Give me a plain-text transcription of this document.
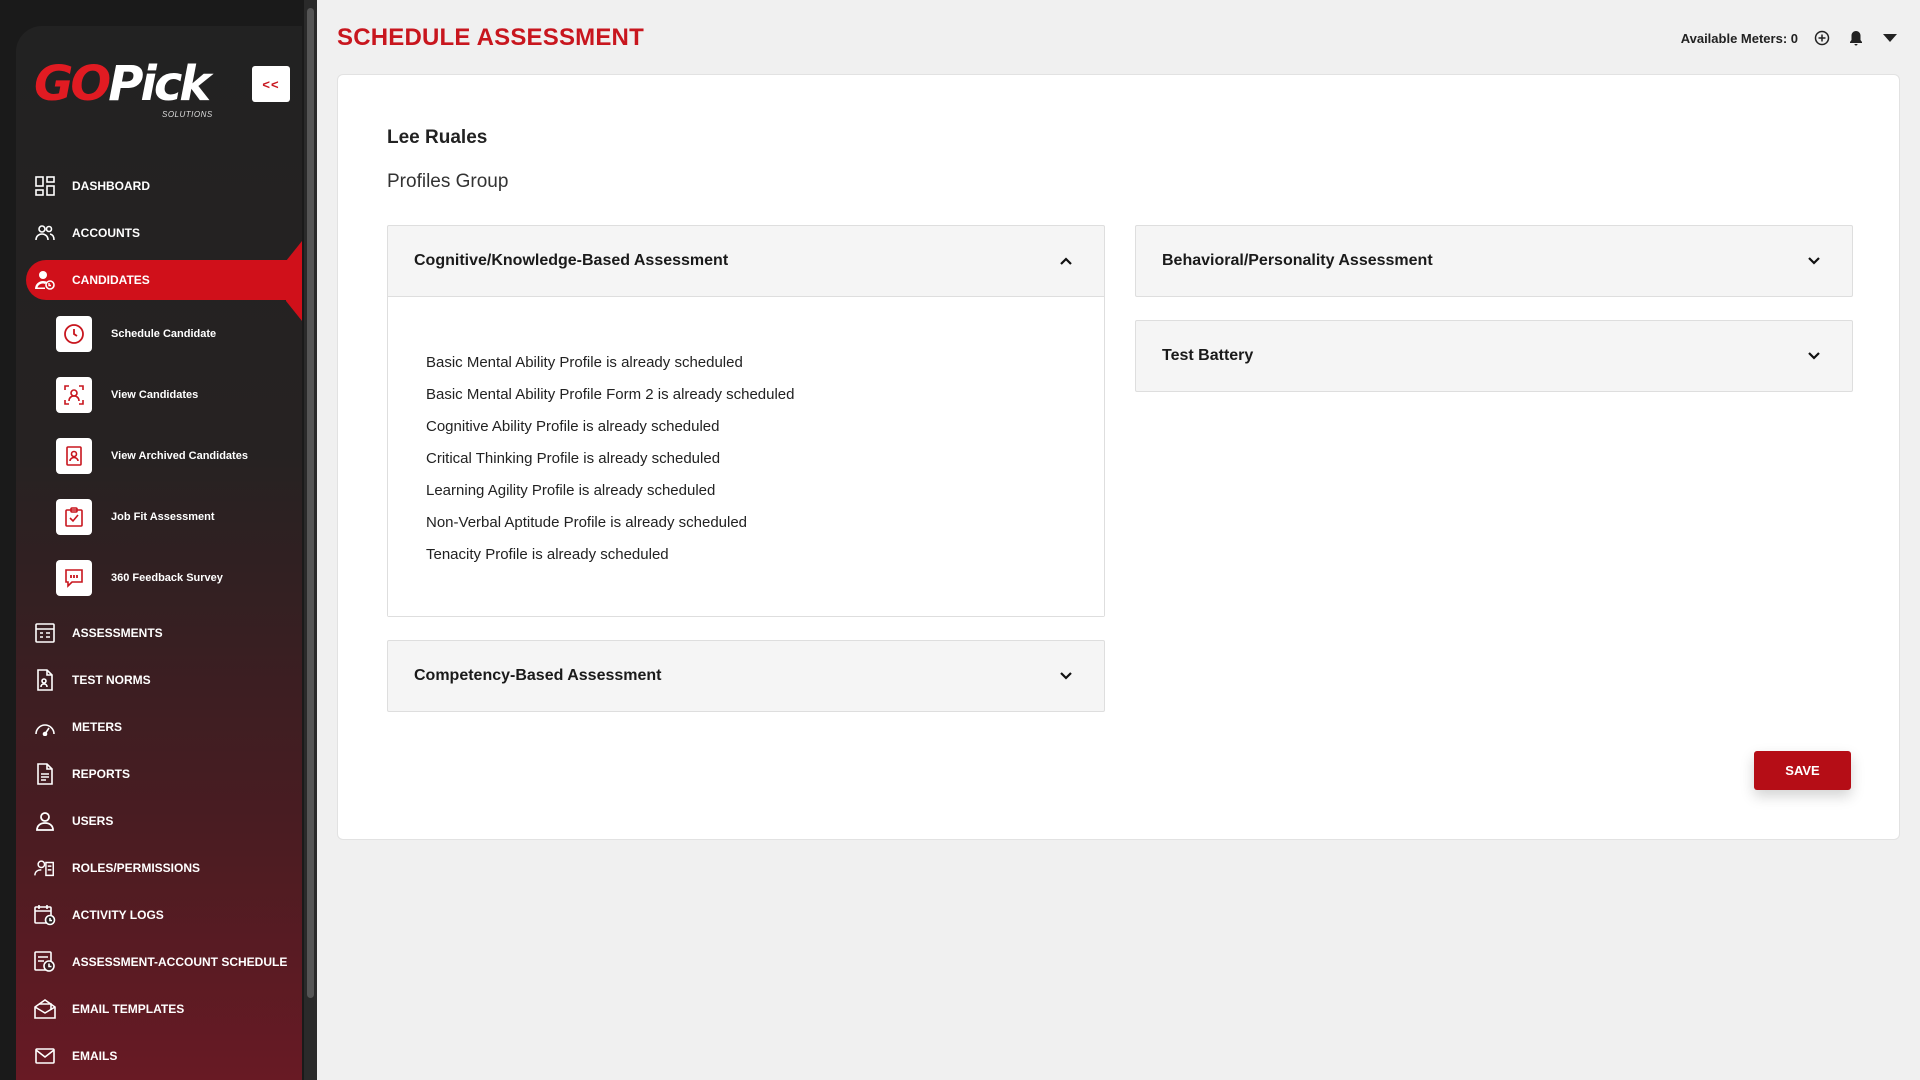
GOPick
SOLUTIONS
<<
DASHBOARD
ACCOUNTS
CANDIDATES
Schedule Candidate
View Candidates
View Archived Candidates
Job Fit Assessment
360 Feedback Survey
ASSESSMENTS
TEST NORMS
METERS
REPORTS
USERS
ROLES/PERMISSIONS
ACTIVITY LOGS
ASSESSMENT-ACCOUNT SCHEDULE
EMAIL TEMPLATES
EMAILS
SCHEDULE ASSESSMENT	Available Meters: 0
Lee Ruales
Profiles Group
Cognitive/Knowledge-Based Assessment
Basic Mental Ability Profile is already scheduled
Basic Mental Ability Profile Form 2 is already scheduled
Cognitive Ability Profile is already scheduled
Critical Thinking Profile is already scheduled
Learning Agility Profile is already scheduled
Non-Verbal Aptitude Profile is already scheduled
Tenacity Profile is already scheduled
Competency-Based Assessment
Behavioral/Personality Assessment
Test Battery
SAVE
